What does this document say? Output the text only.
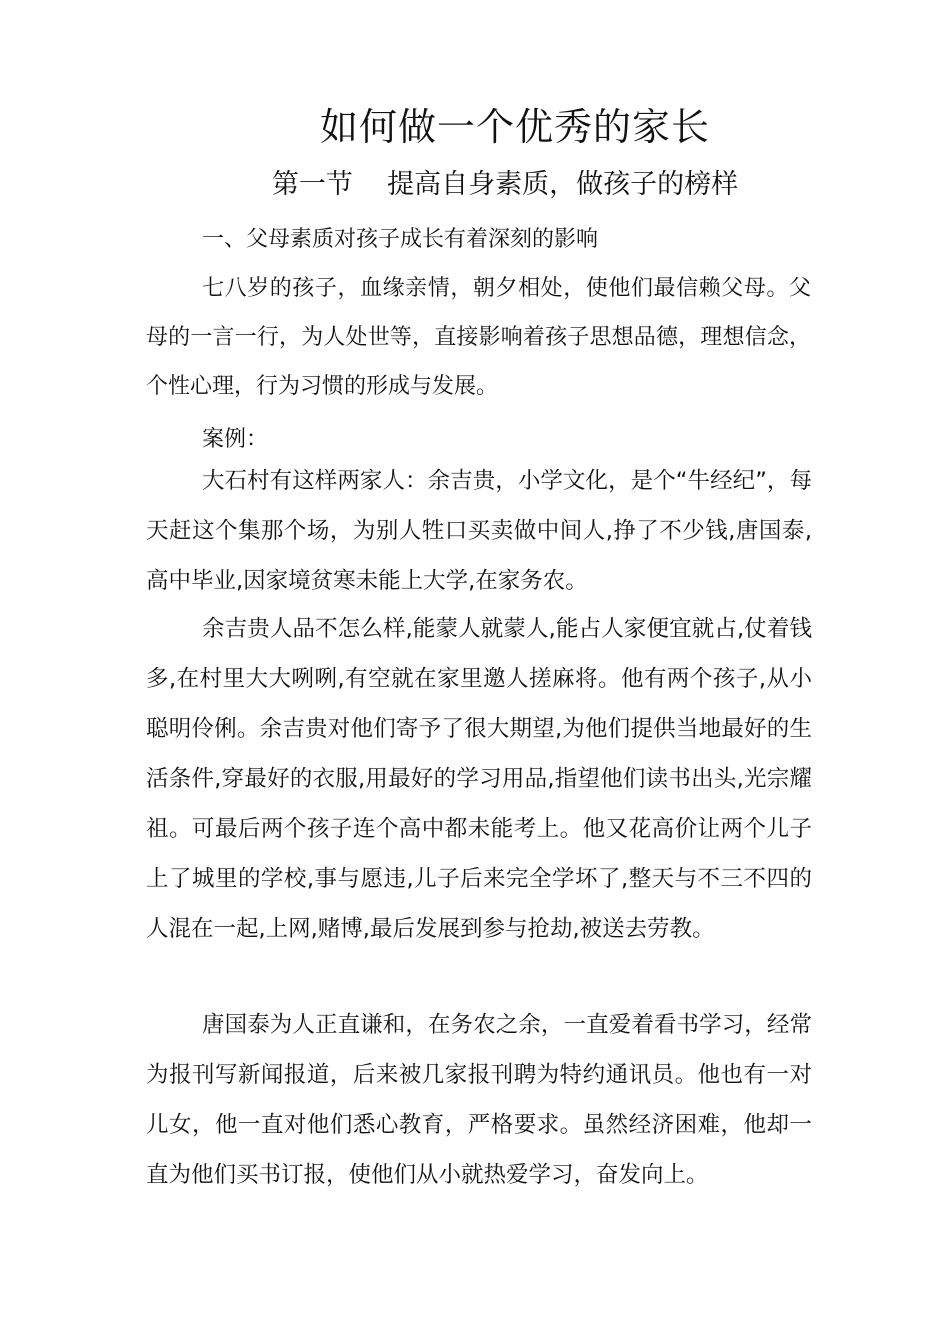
如何做一个优秀的家长
第一节    提高自身素质，做孩子的榜样
一、父母素质对孩子成长有着深刻的影响
七八岁的孩子，血缘亲情，朝夕相处，使他们最信赖父母。父母的一言一行，为人处世等，直接影响着孩子思想品德，理想信念，个性心理，行为习惯的形成与发展。
案例：
大石村有这样两家人：余吉贵，小学文化，是个“牛经纪”，每天赶这个集那个场，为别人牲口买卖做中间人,挣了不少钱,唐国泰,高中毕业,因家境贫寒未能上大学,在家务农。
余吉贵人品不怎么样,能蒙人就蒙人,能占人家便宜就占,仗着钱多,在村里大大咧咧,有空就在家里邀人搓麻将。他有两个孩子,从小聪明伶俐。余吉贵对他们寄予了很大期望,为他们提供当地最好的生活条件,穿最好的衣服,用最好的学习用品,指望他们读书出头,光宗耀祖。可最后两个孩子连个高中都未能考上。他又花高价让两个儿子上了城里的学校,事与愿违,儿子后来完全学坏了,整天与不三不四的人混在一起,上网,赌博,最后发展到参与抢劫,被送去劳教。
唐国泰为人正直谦和，在务农之余，一直爱着看书学习，经常为报刊写新闻报道，后来被几家报刊聘为特约通讯员。他也有一对儿女，他一直对他们悉心教育，严格要求。虽然经济困难，他却一直为他们买书订报，使他们从小就热爱学习，奋发向上。
